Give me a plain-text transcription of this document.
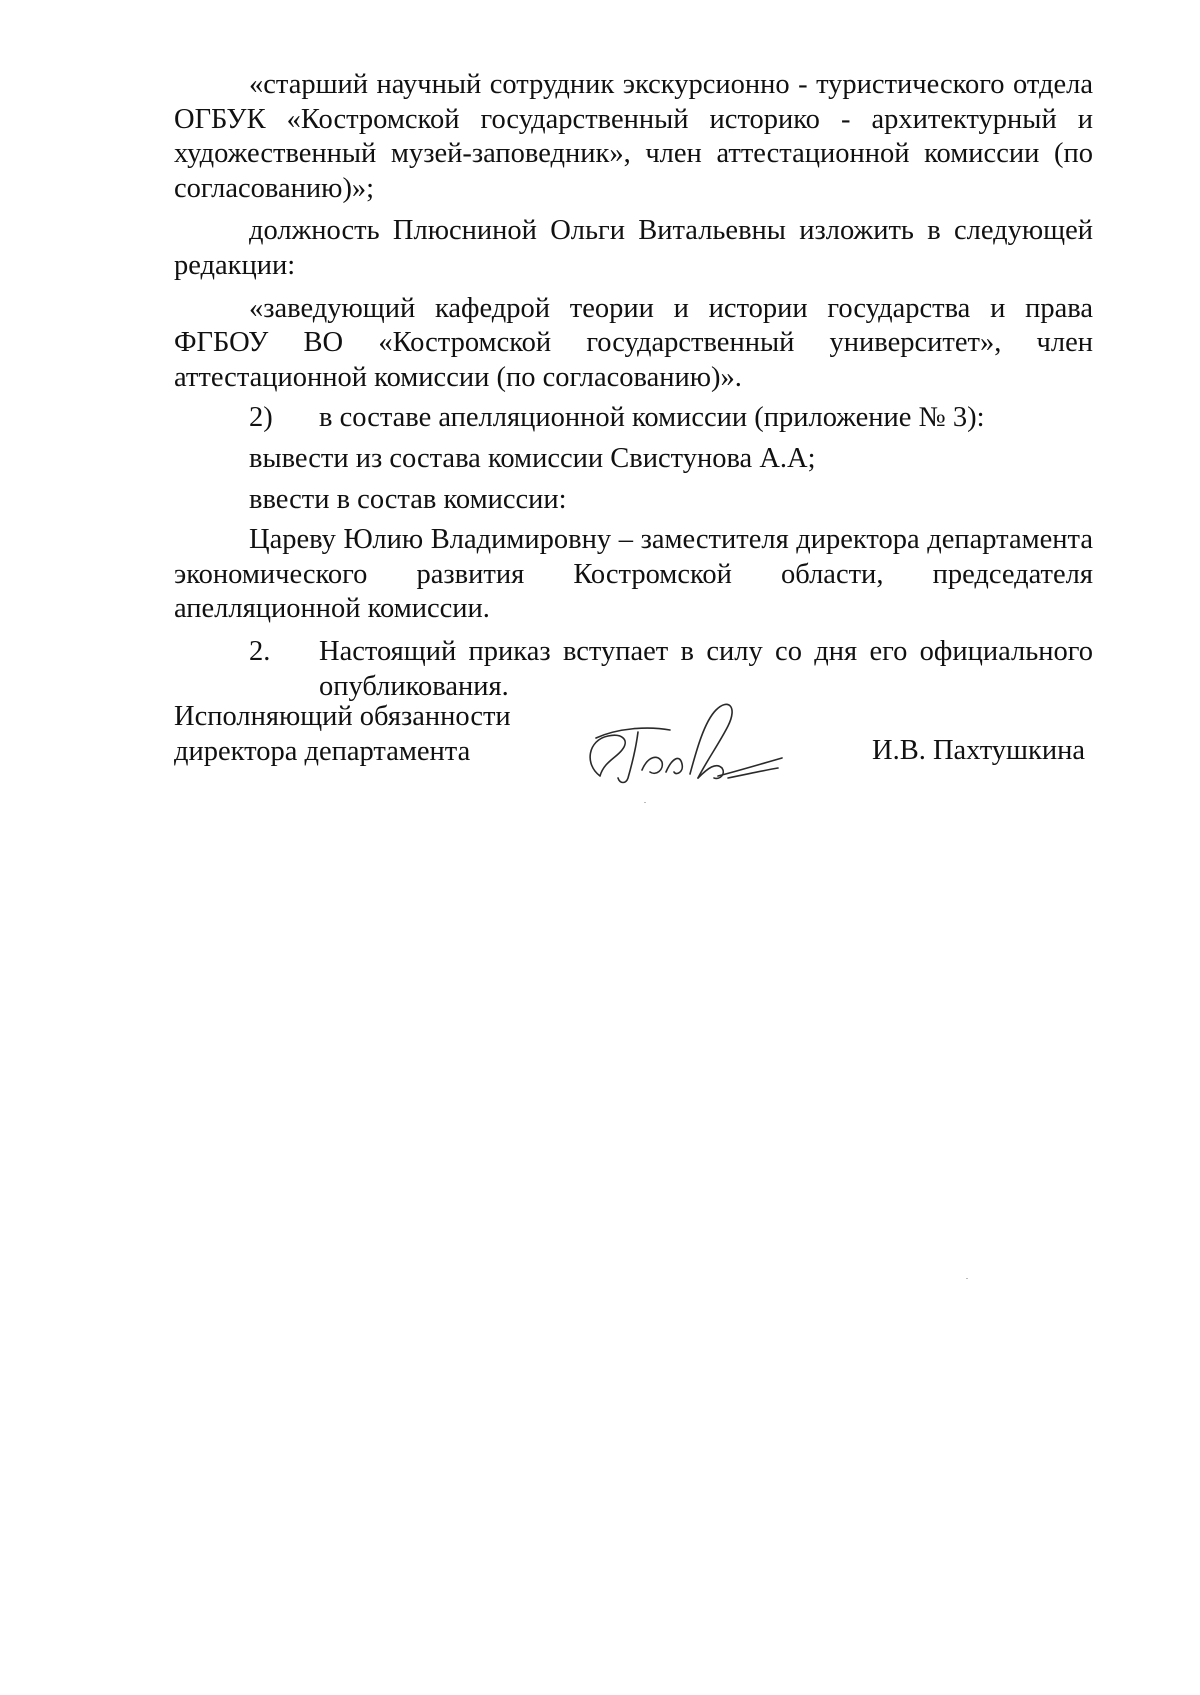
«старший научный сотрудник экскурсионно - туристического отдела ОГБУК «Костромской государственный историко - архитектурный и художественный музей-заповедник», член аттестационной комиссии (по согласованию)»;

должность Плюсниной Ольги Витальевны изложить в следующей редакции:

«заведующий кафедрой теории и истории государства и права ФГБОУ ВО «Костромской государственный университет», член аттестационной комиссии (по согласованию)».

2)	в составе апелляционной комиссии (приложение № 3):

вывести из состава комиссии Свистунова А.А;

ввести в состав комиссии:

Цареву Юлию Владимировну – заместителя директора департамента экономического развития Костромской области, председателя апелляционной комиссии.

2.	Настоящий приказ вступает в силу со дня его официального опубликования.

Исполняющий обязанности
директора департамента	И.В. Пахтушкина
